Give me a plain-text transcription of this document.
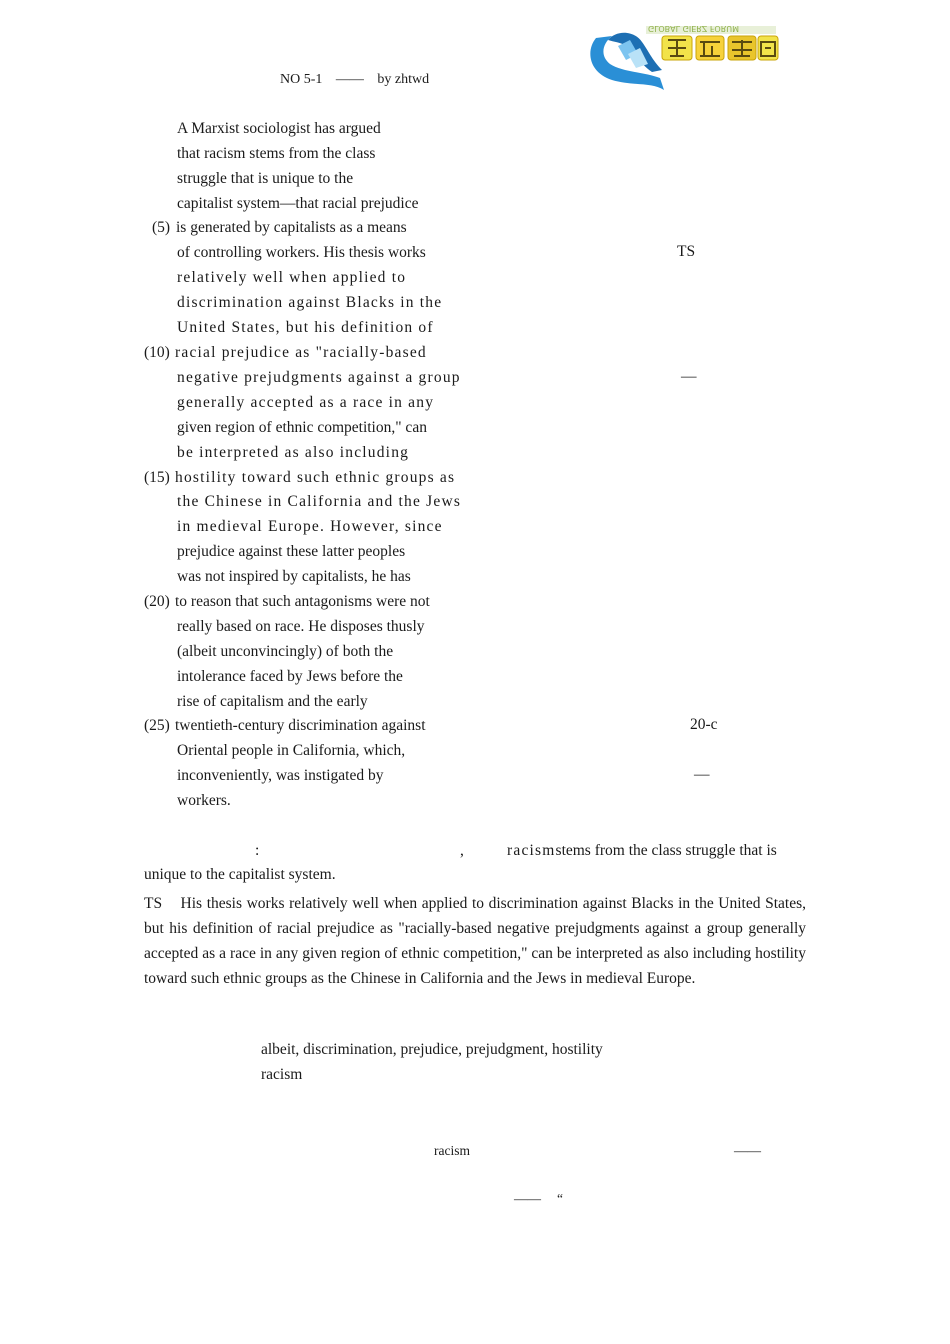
NO 5-1 —— by zhtwd
GLOBAL GIERZ FORUM
A Marxist sociologist has argued
that racism stems from the class
struggle that is unique to the
capitalist system—that racial prejudice
is generated by capitalists as a means
of controlling workers. His thesis works
relatively well when applied to
discrimination against Blacks in the
United States, but his definition of
racial prejudice as "racially-based
negative prejudgments against a group
generally accepted as a race in any
given region of ethnic competition," can
be interpreted as also including
hostility toward such ethnic groups as
the Chinese in California and the Jews
in medieval Europe. However, since
prejudice against these latter peoples
was not inspired by capitalists, he has
to reason that such antagonisms were not
really based on race. He disposes thusly
(albeit unconvincingly) of both the
intolerance faced by Jews before the
rise of capitalism and the early
twentieth-century discrimination against
Oriental people in California, which,
inconveniently, was instigated by
workers.
(5)
(10)
(15)
(20)
(25)
TS
—
20-c
—
:	,	racismstems from the class struggle that is
unique to the capitalist system.
TS His thesis works relatively well when applied to discrimination against Blacks in the United States, but his definition of racial prejudice as "racially-based negative prejudgments against a group generally accepted as a race in any given region of ethnic competition," can be interpreted as also including hostility toward such ethnic groups as the Chinese in California and the Jews in medieval Europe.
albeit, discrimination, prejudice, prejudgment, hostility
racism
racism	——
—— “
